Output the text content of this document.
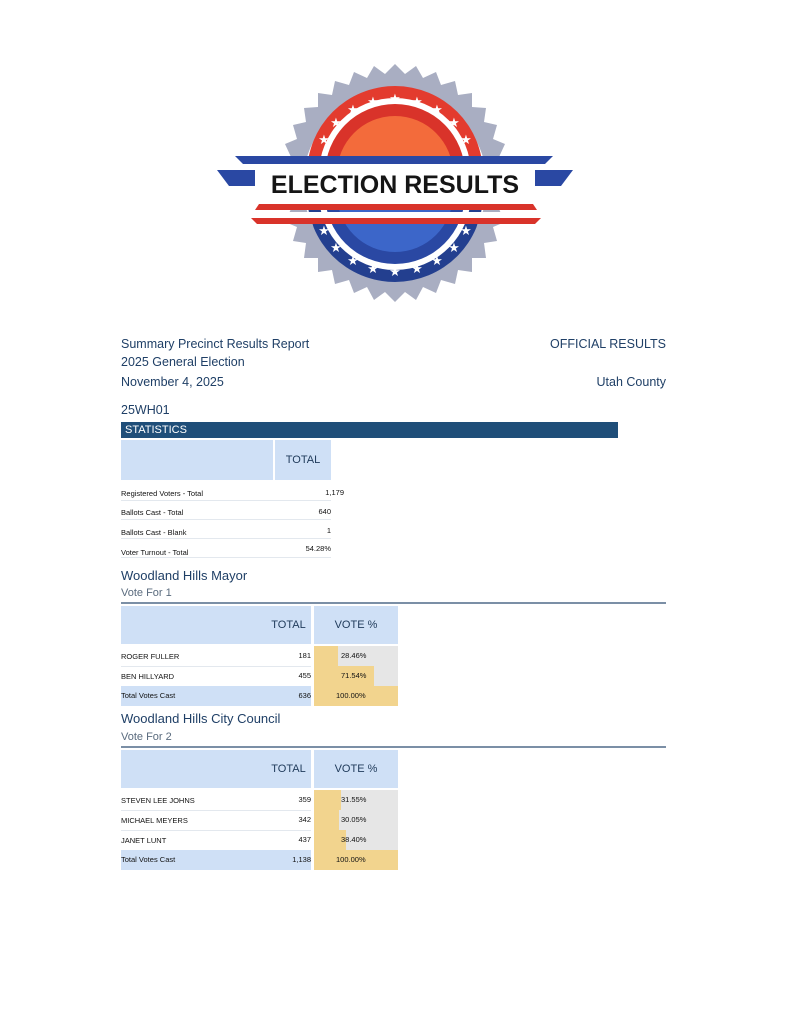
★
★ ★
★	★
★	★
★	★
★
★ ★
★	★
★	★
★	★
ELECTION RESULTS
Summary Precinct Results Report	OFFICIAL RESULTS
2025 General Election
November 4, 2025	Utah County
25WH01
STATISTICS
TOTAL
Registered Voters - Total	1,179
Ballots Cast - Total	640
Ballots Cast - Blank	1
Voter Turnout - Total	54.28%
Woodland Hills Mayor
Vote For 1
TOTAL	VOTE %
ROGER FULLER	181	28.46%
BEN HILLYARD	455	71.54%
Total Votes Cast	636	100.00%
Woodland Hills City Council
Vote For 2
TOTAL	VOTE %
STEVEN LEE JOHNS	359	31.55%
MICHAEL MEYERS	342	30.05%
JANET LUNT	437	38.40%
Total Votes Cast	1,138	100.00%
